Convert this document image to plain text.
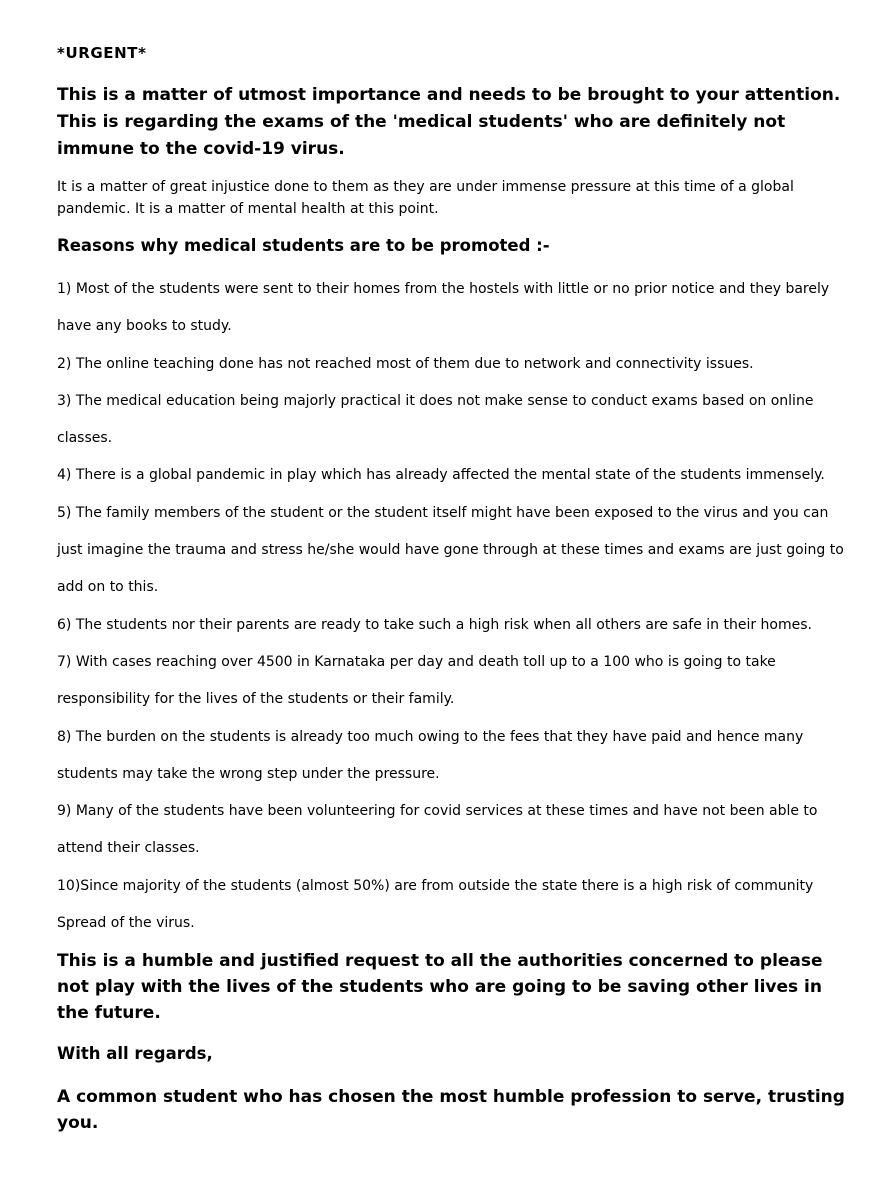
*URGENT*

This is a matter of utmost importance and needs to be brought to your attention. This is regarding the exams of the 'medical students' who are definitely not immune to the covid-19 virus.

It is a matter of great injustice done to them as they are under immense pressure at this time of a global pandemic. It is a matter of mental health at this point.

Reasons why medical students are to be promoted :-

1) Most of the students were sent to their homes from the hostels with little or no prior notice and they barely have any books to study.
2) The online teaching done has not reached most of them due to network and connectivity issues.
3) The medical education being majorly practical it does not make sense to conduct exams based on online classes.
4) There is a global pandemic in play which has already affected the mental state of the students immensely.
5) The family members of the student or the student itself might have been exposed to the virus and you can just imagine the trauma and stress he/she would have gone through at these times and exams are just going to add on to this.
6) The students nor their parents are ready to take such a high risk when all others are safe in their homes.
7) With cases reaching over 4500 in Karnataka per day and death toll up to a 100 who is going to take responsibility for the lives of the students or their family.
8) The burden on the students is already too much owing to the fees that they have paid and hence many students may take the wrong step under the pressure.
9) Many of the students have been volunteering for covid services at these times and have not been able to attend their classes.
10)Since majority of the students (almost 50%) are from outside the state there is a high risk of community Spread of the virus.

This is a humble and justified request to all the authorities concerned to please not play with the lives of the students who are going to be saving other lives in the future.

With all regards,

A common student who has chosen the most humble profession to serve, trusting you.
